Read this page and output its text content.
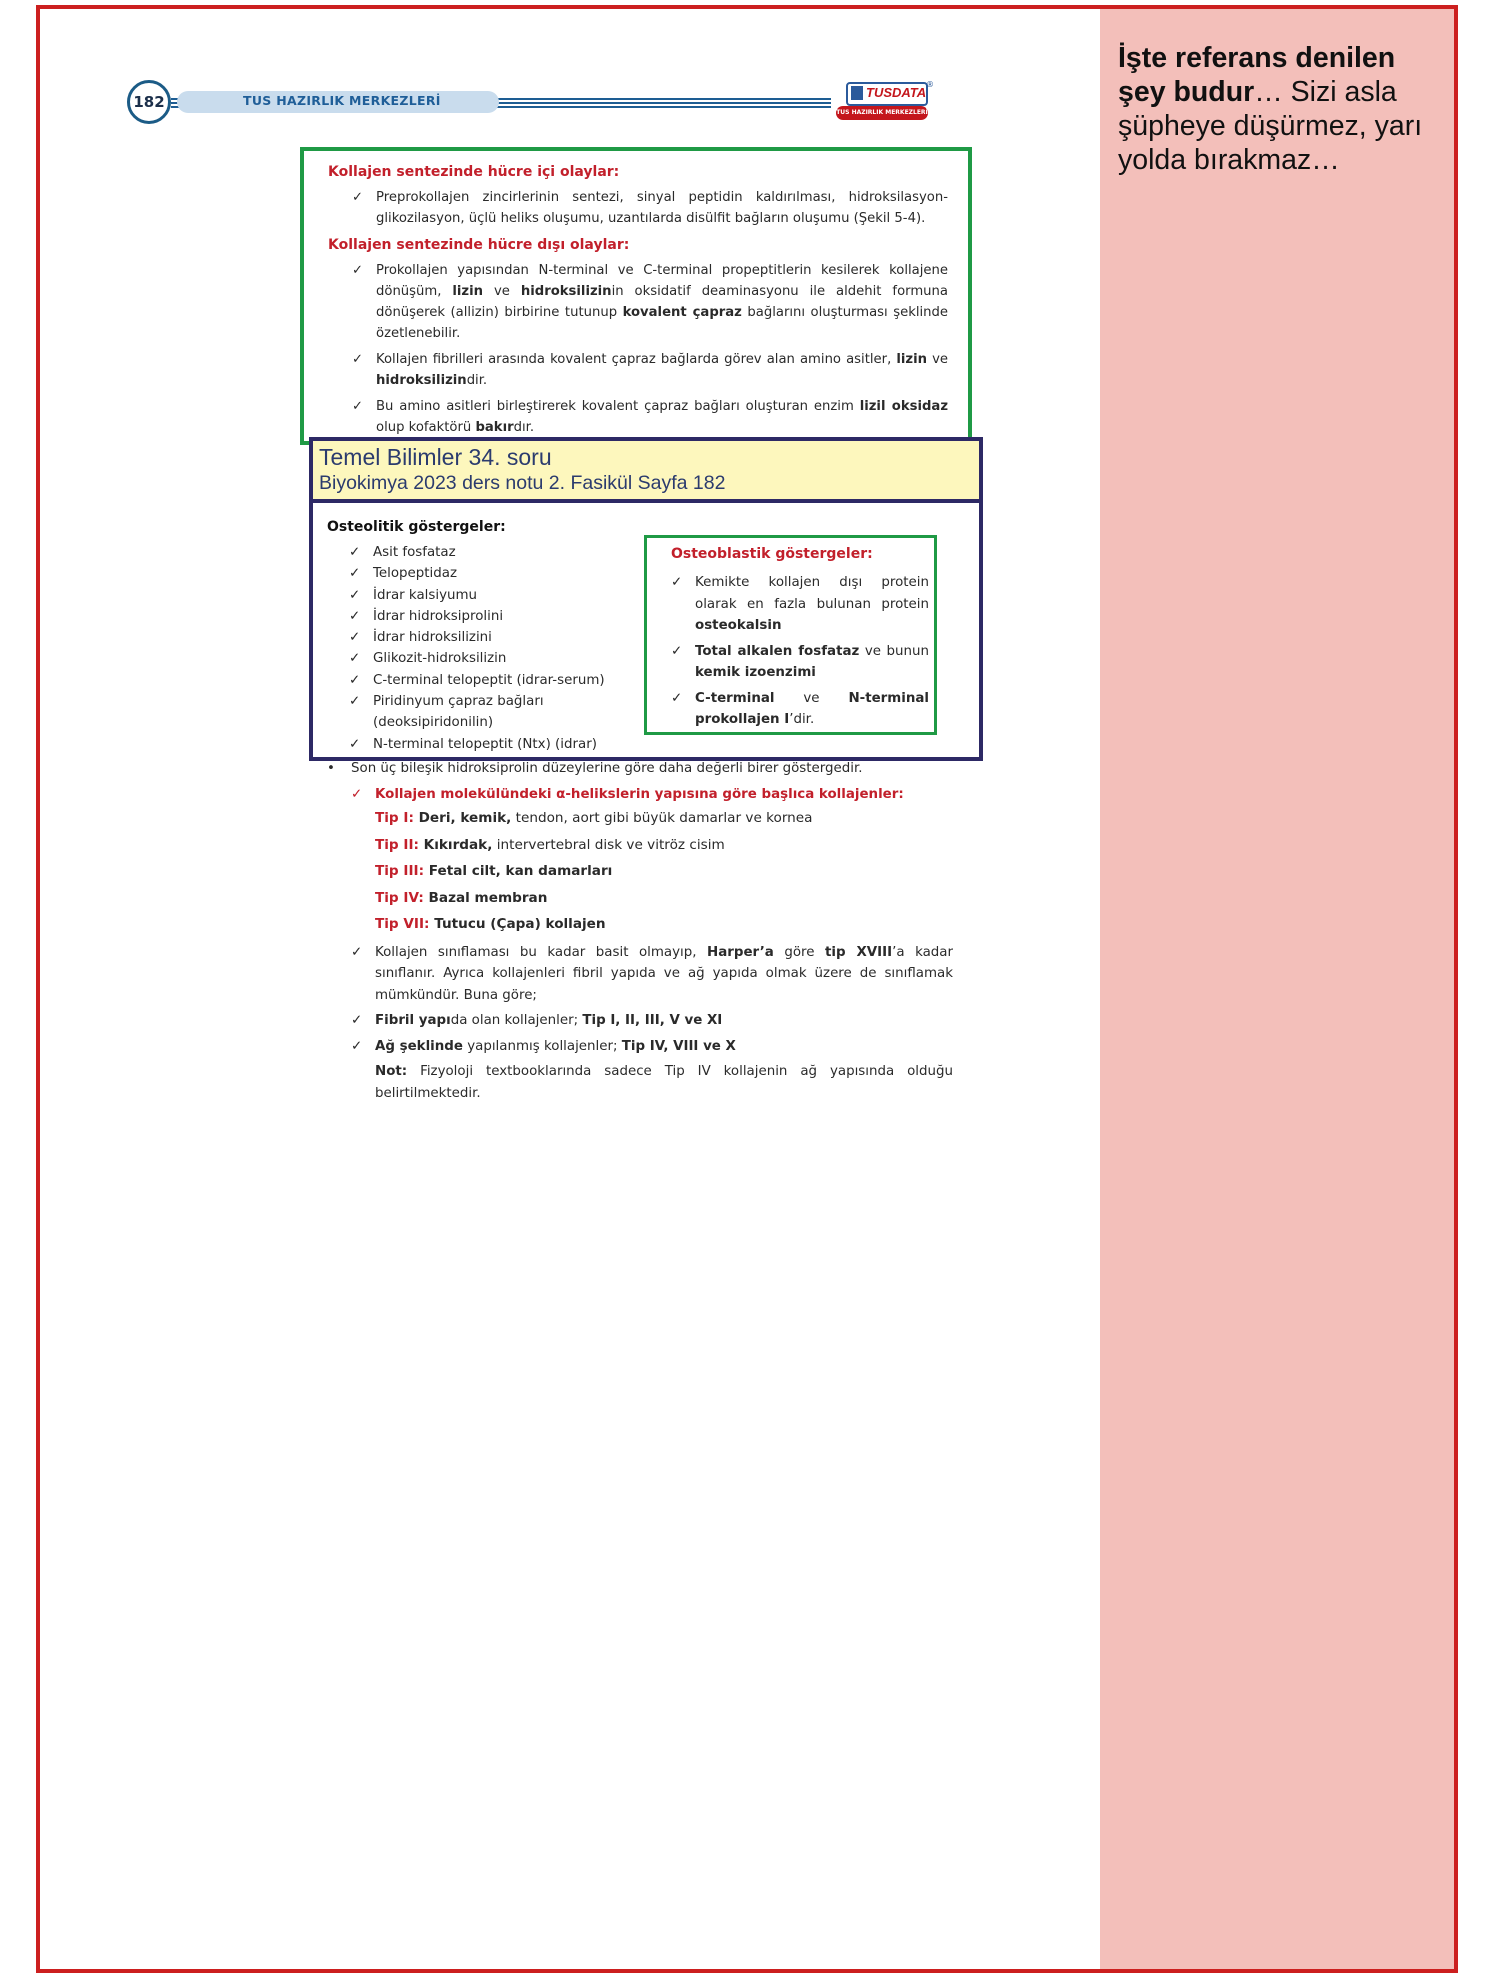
İşte referans denilen şey budur… Sizi asla şüpheye düşürmez, yarı yolda bırakmaz…
182	TUS HAZIRLIK MERKEZLERİ
TUSDATA
®
TUS HAZIRLIK MERKEZLERİ
Kollajen sentezinde hücre içi olaylar:
✓ Preprokollajen zincirlerinin sentezi, sinyal peptidin kaldırılması, hidroksilasyon-glikozilasyon, üçlü heliks oluşumu, uzantılarda disülfit bağların oluşumu (Şekil 5-4).
Kollajen sentezinde hücre dışı olaylar:
✓ Prokollajen yapısından N-terminal ve C-terminal propeptitlerin kesilerek kollajene dönüşüm, lizin ve hidroksilizinin oksidatif deaminasyonu ile aldehit formuna dönüşerek (allizin) birbirine tutunup kovalent çapraz bağlarını oluşturması şeklinde özetlenebilir.
✓ Kollajen fibrilleri arasında kovalent çapraz bağlarda görev alan amino asitler, lizin ve hidroksilizindir.
✓ Bu amino asitleri birleştirerek kovalent çapraz bağları oluşturan enzim lizil oksidaz olup kofaktörü bakırdır.
Temel Bilimler 34. soru
Biyokimya 2023 ders notu 2. Fasikül Sayfa 182
Osteolitik göstergeler:
✓ Asit fosfataz
✓ Telopeptidaz
✓ İdrar kalsiyumu
✓ İdrar hidroksiprolini
✓ İdrar hidroksilizini
✓ Glikozit-hidroksilizin
✓ C-terminal telopeptit (idrar-serum)
✓ Piridinyum çapraz bağları (deoksipiridonilin)
✓ N-terminal telopeptit (Ntx) (idrar)
Osteoblastik göstergeler:
✓ Kemikte kollajen dışı protein olarak en fazla bulunan protein osteokalsin
✓ Total alkalen fosfataz ve bunun kemik izoenzimi
✓ C-terminal ve N-terminal prokollajen I’dir.
• Son üç bileşik hidroksiprolin düzeylerine göre daha değerli birer göstergedir.
✓ Kollajen molekülündeki α-helikslerin yapısına göre başlıca kollajenler:
Tip I: Deri, kemik, tendon, aort gibi büyük damarlar ve kornea
Tip II: Kıkırdak, intervertebral disk ve vitröz cisim
Tip III: Fetal cilt, kan damarları
Tip IV: Bazal membran
Tip VII: Tutucu (Çapa) kollajen
✓ Kollajen sınıflaması bu kadar basit olmayıp, Harper’a göre tip XVIII’a kadar sınıflanır. Ayrıca kollajenleri fibril yapıda ve ağ yapıda olmak üzere de sınıflamak mümkündür. Buna göre;
✓ Fibril yapıda olan kollajenler; Tip I, II, III, V ve XI
✓ Ağ şeklinde yapılanmış kollajenler; Tip IV, VIII ve X
Not: Fizyoloji textbooklarında sadece Tip IV kollajenin ağ yapısında olduğu belirtilmektedir.
